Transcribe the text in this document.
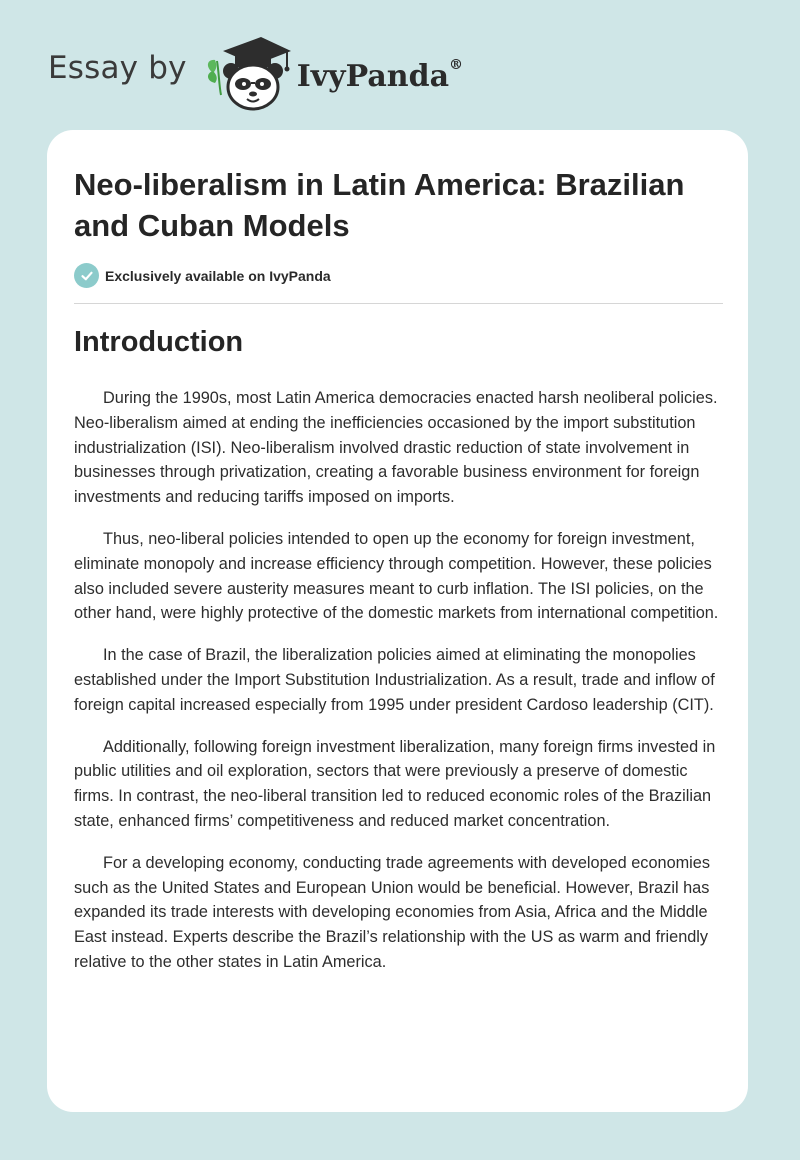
Essay by	IvyPanda®
Neo-liberalism in Latin America: Brazilian and Cuban Models
Exclusively available on IvyPanda
Introduction

During the 1990s, most Latin America democracies enacted harsh neoliberal policies. Neo-liberalism aimed at ending the inefficiencies occasioned by the import substitution industrialization (ISI). Neo-liberalism involved drastic reduction of state involvement in businesses through privatization, creating a favorable business environment for foreign investments and reducing tariffs imposed on imports.

Thus, neo-liberal policies intended to open up the economy for foreign investment, eliminate monopoly and increase efficiency through competition. However, these policies also included severe austerity measures meant to curb inflation. The ISI policies, on the other hand, were highly protective of the domestic markets from international competition.

In the case of Brazil, the liberalization policies aimed at eliminating the monopolies established under the Import Substitution Industrialization. As a result, trade and inflow of foreign capital increased especially from 1995 under president Cardoso leadership (CIT).

Additionally, following foreign investment liberalization, many foreign firms invested in public utilities and oil exploration, sectors that were previously a preserve of domestic firms. In contrast, the neo-liberal transition led to reduced economic roles of the Brazilian state, enhanced firms’ competitiveness and reduced market concentration.

For a developing economy, conducting trade agreements with developed economies such as the United States and European Union would be beneficial. However, Brazil has expanded its trade interests with developing economies from Asia, Africa and the Middle East instead. Experts describe the Brazil’s relationship with the US as warm and friendly relative to the other states in Latin America.
